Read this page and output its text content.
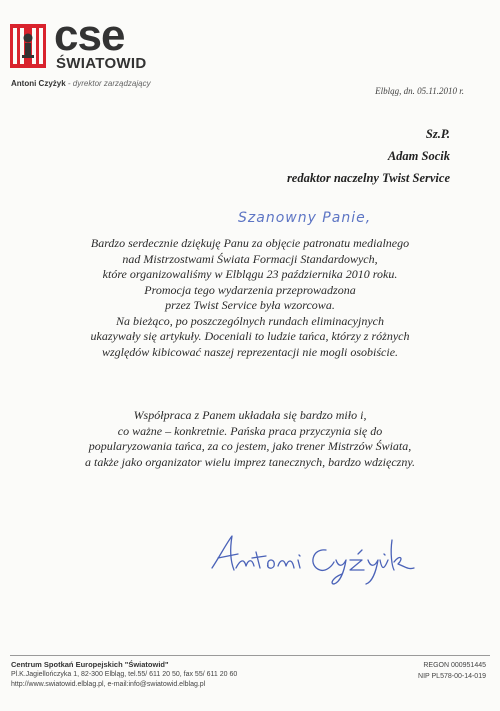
cse
ŚWIATOWID
Antoni Czyżyk - dyrektor zarządzający
Elbląg, dn. 05.11.2010 r.
Sz.P.
Adam Socik
redaktor naczelny Twist Service
Szanowny Panie,
Bardzo serdecznie dziękuję Panu za objęcie patronatu medialnego
nad Mistrzostwami Świata Formacji Standardowych,
które organizowaliśmy w Elblągu 23 października 2010 roku.
Promocja tego wydarzenia przeprowadzona
przez Twist Service była wzorcowa.
Na bieżąco, po poszczególnych rundach eliminacyjnych
ukazywały się artykuły. Doceniali to ludzie tańca, którzy z różnych
względów kibicować naszej reprezentacji nie mogli osobiście.
Współpraca z Panem układała się bardzo miło i,
co ważne – konkretnie. Pańska praca przyczynia się do
popularyzowania tańca, za co jestem, jako trener Mistrzów Świata,
a także jako organizator wielu imprez tanecznych, bardzo wdzięczny.
Centrum Spotkań Europejskich "Światowid"
Pl.K.Jagiellończyka 1, 82-300 Elbląg, tel.55/ 611 20 50, fax 55/ 611 20 60
http://www.swiatowid.elblag.pl, e-mail:info@swiatowid.elblag.pl
REGON 000951445
NIP PL578-00-14-019
